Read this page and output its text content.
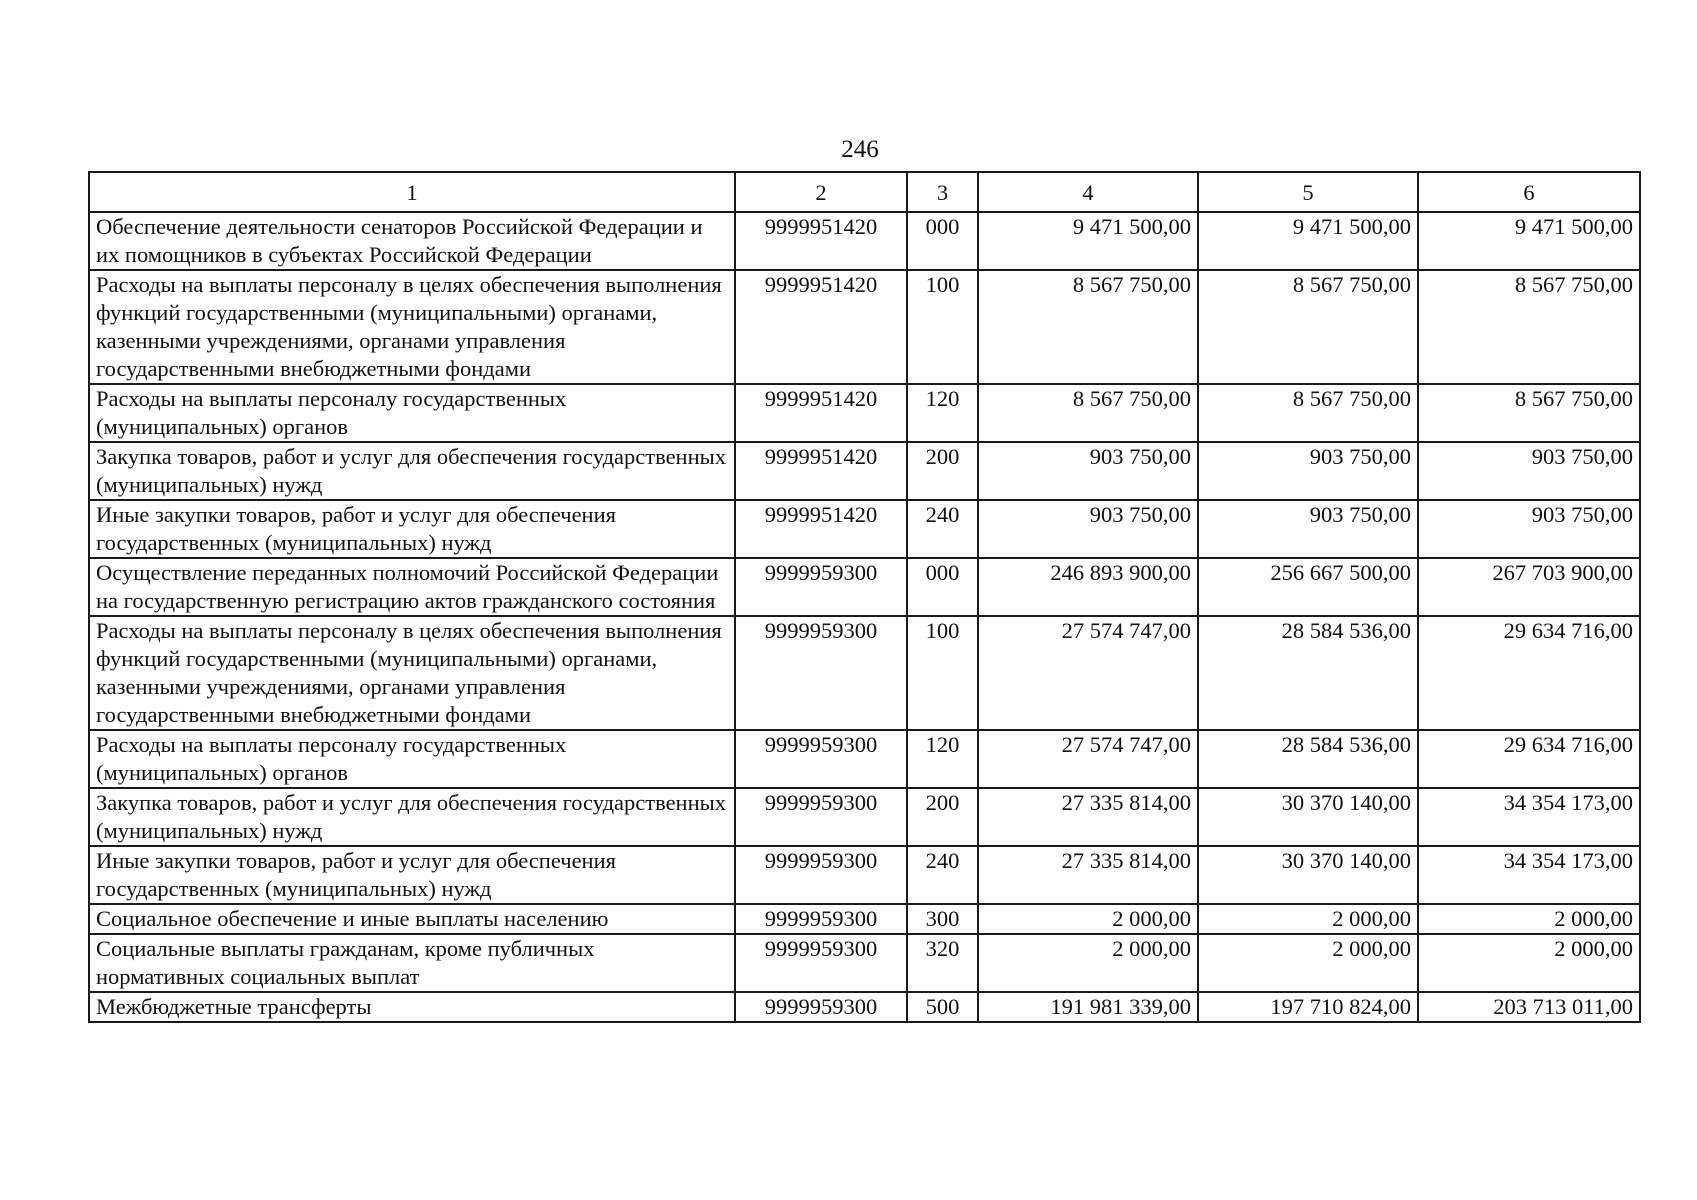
246
1	2	3	4	5	6
Обеспечение деятельности сенаторов Российской Федерации и их помощников в субъектах Российской Федерации	9999951420	000	9 471 500,00	9 471 500,00	9 471 500,00
Расходы на выплаты персоналу в целях обеспечения выполнения функций государственными (муниципальными) органами, казенными учреждениями, органами управления государственными внебюджетными фондами	9999951420	100	8 567 750,00	8 567 750,00	8 567 750,00
Расходы на выплаты персоналу государственных (муниципальных) органов	9999951420	120	8 567 750,00	8 567 750,00	8 567 750,00
Закупка товаров, работ и услуг для обеспечения государственных (муниципальных) нужд	9999951420	200	903 750,00	903 750,00	903 750,00
Иные закупки товаров, работ и услуг для обеспечения государственных (муниципальных) нужд	9999951420	240	903 750,00	903 750,00	903 750,00
Осуществление переданных полномочий Российской Федерации на государственную регистрацию актов гражданского состояния	9999959300	000	246 893 900,00	256 667 500,00	267 703 900,00
Расходы на выплаты персоналу в целях обеспечения выполнения функций государственными (муниципальными) органами, казенными учреждениями, органами управления государственными внебюджетными фондами	9999959300	100	27 574 747,00	28 584 536,00	29 634 716,00
Расходы на выплаты персоналу государственных (муниципальных) органов	9999959300	120	27 574 747,00	28 584 536,00	29 634 716,00
Закупка товаров, работ и услуг для обеспечения государственных (муниципальных) нужд	9999959300	200	27 335 814,00	30 370 140,00	34 354 173,00
Иные закупки товаров, работ и услуг для обеспечения государственных (муниципальных) нужд	9999959300	240	27 335 814,00	30 370 140,00	34 354 173,00
Социальное обеспечение и иные выплаты населению	9999959300	300	2 000,00	2 000,00	2 000,00
Социальные выплаты гражданам, кроме публичных нормативных социальных выплат	9999959300	320	2 000,00	2 000,00	2 000,00
Межбюджетные трансферты	9999959300	500	191 981 339,00	197 710 824,00	203 713 011,00
